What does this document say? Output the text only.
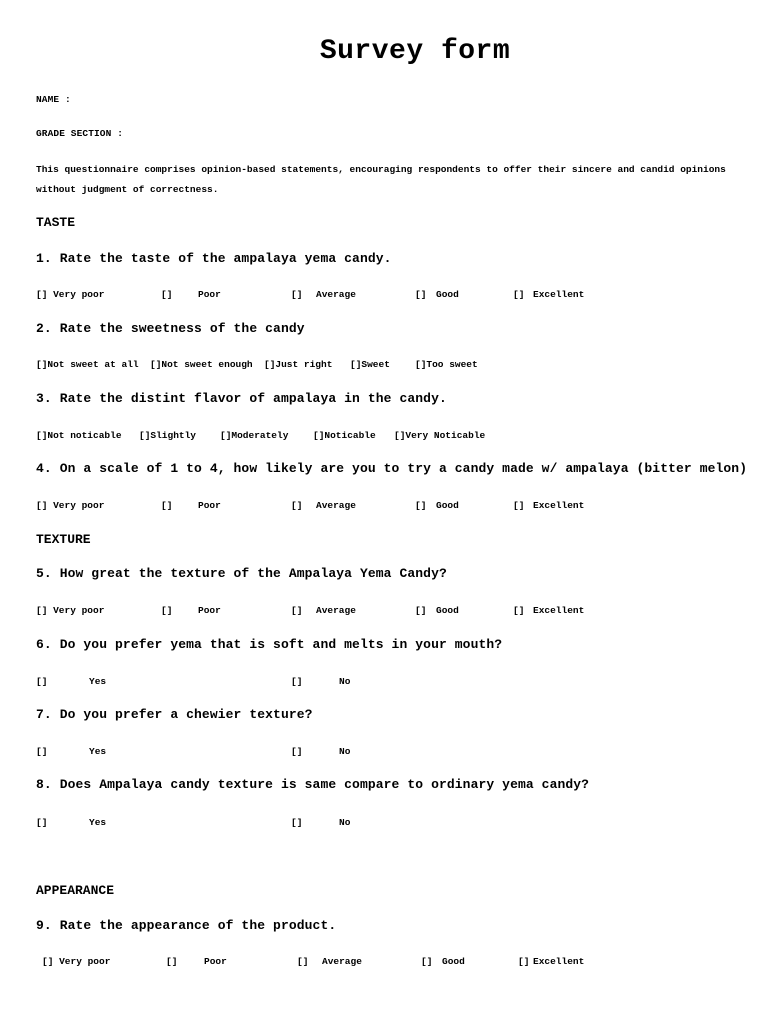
Survey form
NAME :
GRADE SECTION :
This questionnaire comprises opinion-based statements, encouraging respondents to offer their sincere and candid opinions without judgment of correctness.
TASTE
1. Rate the taste of the ampalaya yema candy.
[] Very poor	[]	Poor	[] Average	[] Good	[] Excellent
2. Rate the sweetness of the candy
[]Not sweet at all []Not sweet enough []Just right []Sweet	[]Too sweet
3. Rate the distint flavor of ampalaya in the candy.
[]Not noticable []Slightly	[]Moderately	[]Noticable []Very Noticable
4. On a scale of 1 to 4, how likely are you to try a candy made w/ ampalaya (bitter melon)
[] Very poor	[]	Poor	[] Average	[] Good	[] Excellent
TEXTURE
5. How great the texture of the Ampalaya Yema Candy?
[] Very poor	[]	Poor	[] Average	[] Good	[] Excellent
6. Do you prefer yema that is soft and melts in your mouth?
[]	Yes	[]	No
7. Do you prefer a chewier texture?
[]	Yes	[]	No
8. Does Ampalaya candy texture is same compare to ordinary yema candy?
[]	Yes	[]	No
APPEARANCE
9. Rate the appearance of the product.
[] Very poor	[]	Poor	[] Average	[] Good	[] Excellent
